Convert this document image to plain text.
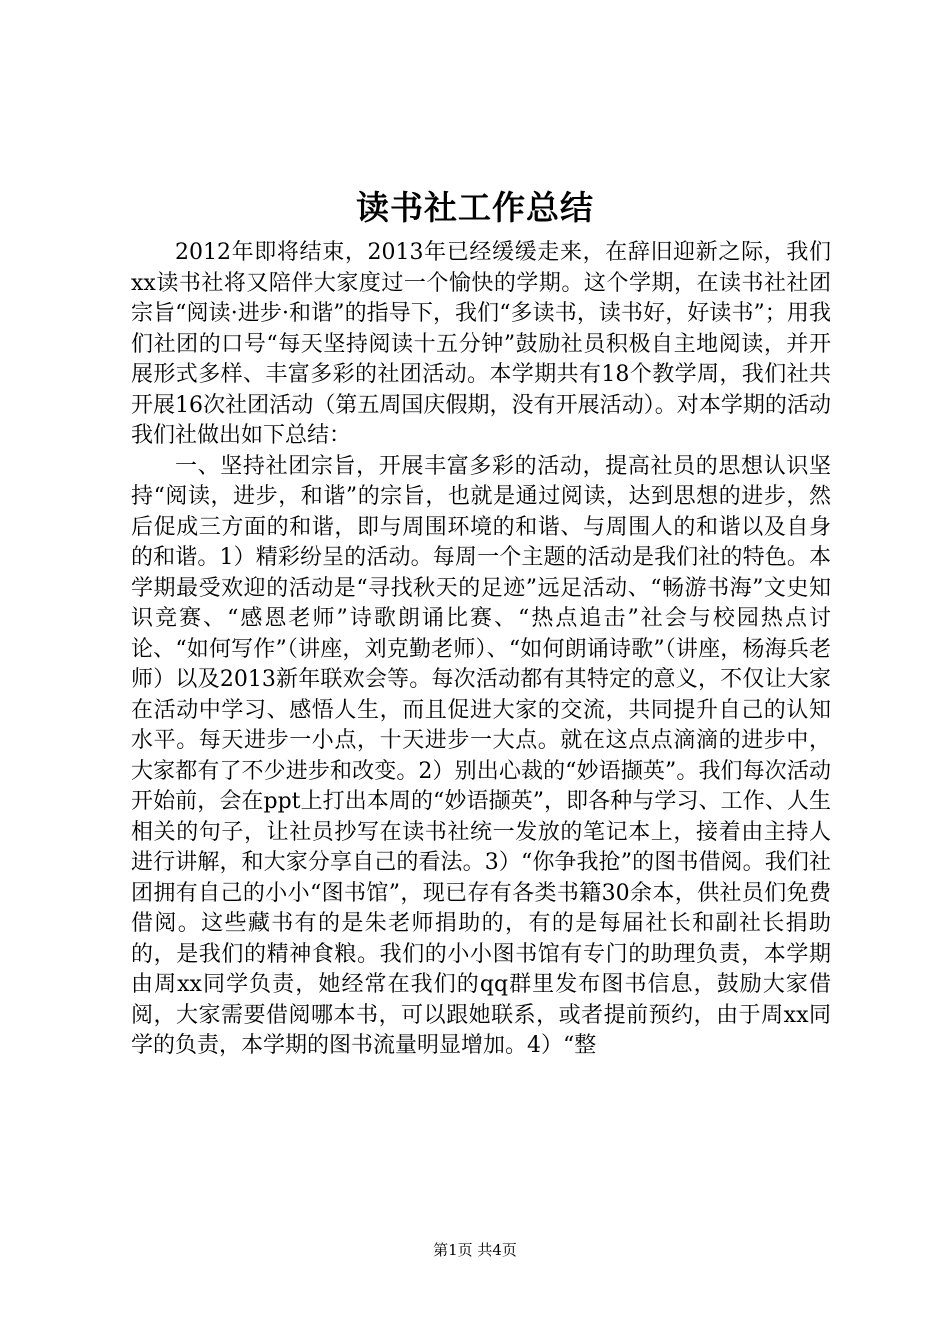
读书社工作总结

2012年即将结束，2013年已经缓缓走来，在辞旧迎新之际，我们xx读书社将又陪伴大家度过一个愉快的学期。这个学期，在读书社社团宗旨“阅读·进步·和谐”的指导下，我们“多读书，读书好，好读书”；用我们社团的口号“每天坚持阅读十五分钟”鼓励社员积极自主地阅读，并开展形式多样、丰富多彩的社团活动。本学期共有18个教学周，我们社共开展16次社团活动（第五周国庆假期，没有开展活动）。对本学期的活动我们社做出如下总结：

一、坚持社团宗旨，开展丰富多彩的活动，提高社员的思想认识坚持“阅读，进步，和谐”的宗旨，也就是通过阅读，达到思想的进步，然后促成三方面的和谐，即与周围环境的和谐、与周围人的和谐以及自身的和谐。1）精彩纷呈的活动。每周一个主题的活动是我们社的特色。本学期最受欢迎的活动是“寻找秋天的足迹”远足活动、“畅游书海”文史知识竞赛、“感恩老师”诗歌朗诵比赛、“热点追击”社会与校园热点讨论、“如何写作”（讲座，刘克勤老师）、“如何朗诵诗歌”（讲座，杨海兵老师）以及2013新年联欢会等。每次活动都有其特定的意义，不仅让大家在活动中学习、感悟人生，而且促进大家的交流，共同提升自己的认知水平。每天进步一小点，十天进步一大点。就在这点点滴滴的进步中，大家都有了不少进步和改变。2）别出心裁的“妙语撷英”。我们每次活动开始前，会在ppt上打出本周的“妙语撷英”，即各种与学习、工作、人生相关的句子，让社员抄写在读书社统一发放的笔记本上，接着由主持人进行讲解，和大家分享自己的看法。3）“你争我抢”的图书借阅。我们社团拥有自己的小小“图书馆”，现已存有各类书籍30余本，供社员们免费借阅。这些藏书有的是朱老师捐助的，有的是每届社长和副社长捐助的，是我们的精神食粮。我们的小小图书馆有专门的助理负责，本学期由周xx同学负责，她经常在我们的qq群里发布图书信息，鼓励大家借阅，大家需要借阅哪本书，可以跟她联系，或者提前预约，由于周xx同学的负责，本学期的图书流量明显增加。4）“整

第1页 共4页
